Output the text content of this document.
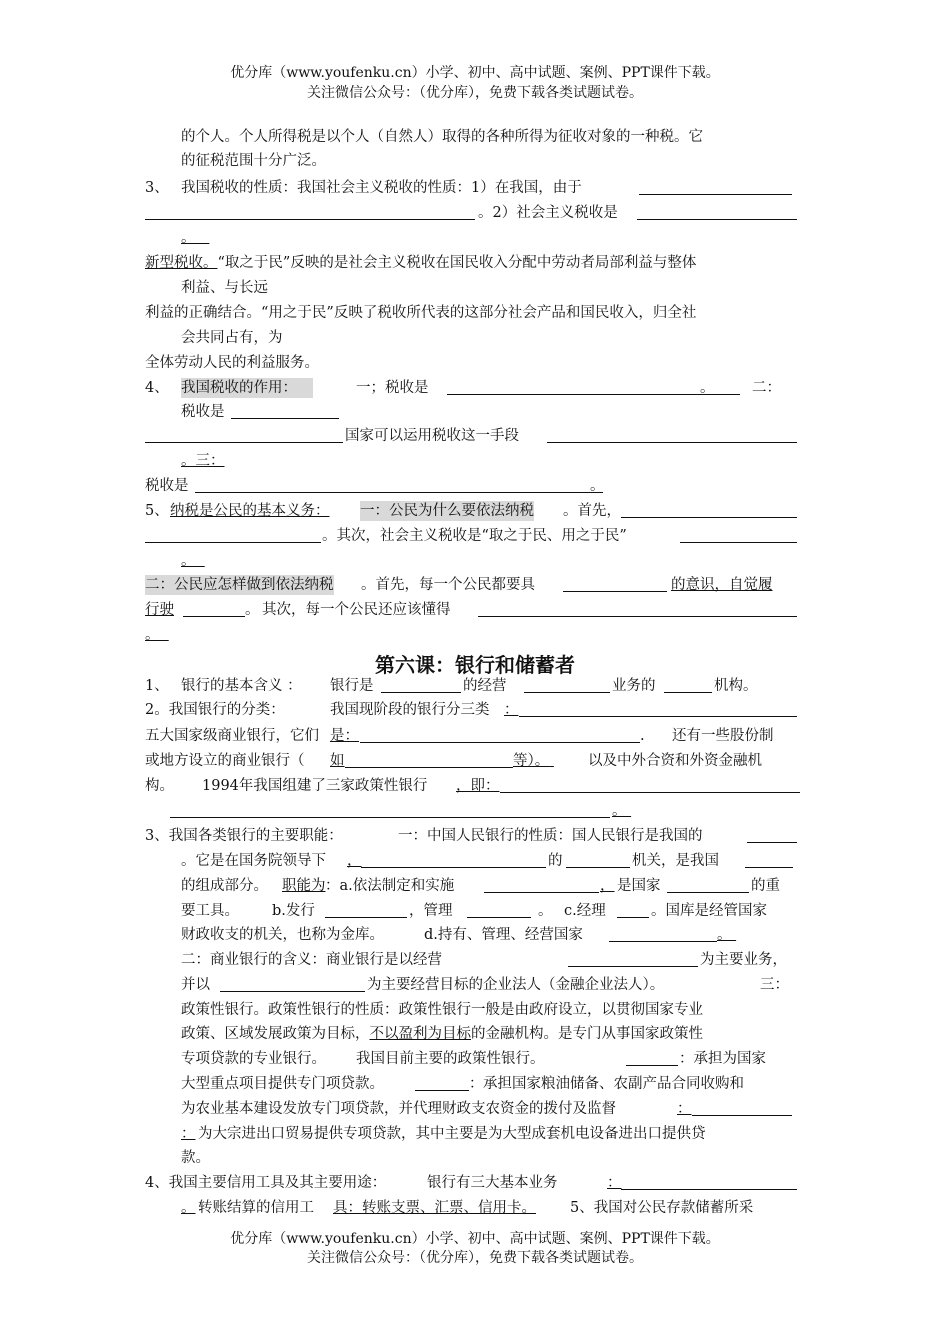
优分库（www.youfenku.cn）小学、初中、高中试题、案例、PPT课件下载。
关注微信公众号：（优分库），免费下载各类试题试卷。
的个人。个人所得税是以个人（自然人）取得的各种所得为征收对象的一种税。它
的征税范围十分广泛。
3、 我国税收的性质：我国社会主义税收的性质：1）在我国，由于
。2）社会主义税收是
。
新型税收。“取之于民”反映的是社会主义税收在国民收入分配中劳动者局部利益与整体
利益、与长远
利益的正确结合。“用之于民”反映了税收所代表的这部分社会产品和国民收入，归全社
会共同占有，为
全体劳动人民的利益服务。
4、 我国税收的作用：	一；税收是	。	二：
税收是
国家可以运用税收这一手段
。三：
税收是	。
5、 纳税是公民的基本义务： 一：公民为什么要依法纳税 。首先，
。其次，社会主义税收是“取之于民、用之于民”
。
二：公民应怎样做到依法纳税 。首先，每一个公民都要具	的意识，自觉履
行驶	。 其次，每一个公民还应该懂得
。
第六课：银行和储蓄者
1、 银行的基本含义 ： 银行是	的经营	业务的	机构。
2。我国银行的分类：	我国现阶段的银行分三类 ：
五大国家级商业银行，它们 是：	. 还有一些股份制
或地方设立的商业银行（ 如	等）。	以及中外合资和外资金融机
构。 1994年我国组建了三家政策性银行 ，即：
。
3、我国各类银行的主要职能：	一：中国人民银行的性质：国人民银行是我国的
。它是在国务院领导下 ，	的	机关，是我国
的组成部分。 职能为 ：a.依法制定和实施	， 是国家	的重
要工具。 b.发行	，管理	。 c.经理	。国库是经管国家
财政收支的机关，也称为金库。	d.持有、管理、经营国家	。
二：商业银行的含义：商业银行是以经营	为主要业务，
并以	为主要经营目标的企业法人（金融企业法人）。	三：
政策性银行。政策性银行的性质：政策性银行一般是由政府设立，以贯彻国家专业
政策、区域发展政策为目标，不以盈利为目标的金融机构。是专门从事国家政策性
专项贷款的专业银行。 我国目前主要的政策性银行。	：承担为国家
大型重点项目提供专门项贷款。	： 承担国家粮油储备、农副产品合同收购和
为农业基本建设发放专门项贷款，并代理财政支农资金的拨付及监督	：
： 为大宗进出口贸易提供专项贷款，其中主要是为大型成套机电设备进出口提供贷
款。
4、我国主要信用工具及其主要用途：	银行有三大基本业务	：
。 转账结算的信用工 具：转账支票、汇票、信用卡。 5、我国对公民存款储蓄所采
优分库（www.youfenku.cn）小学、初中、高中试题、案例、PPT课件下载。
关注微信公众号：（优分库），免费下载各类试题试卷。
